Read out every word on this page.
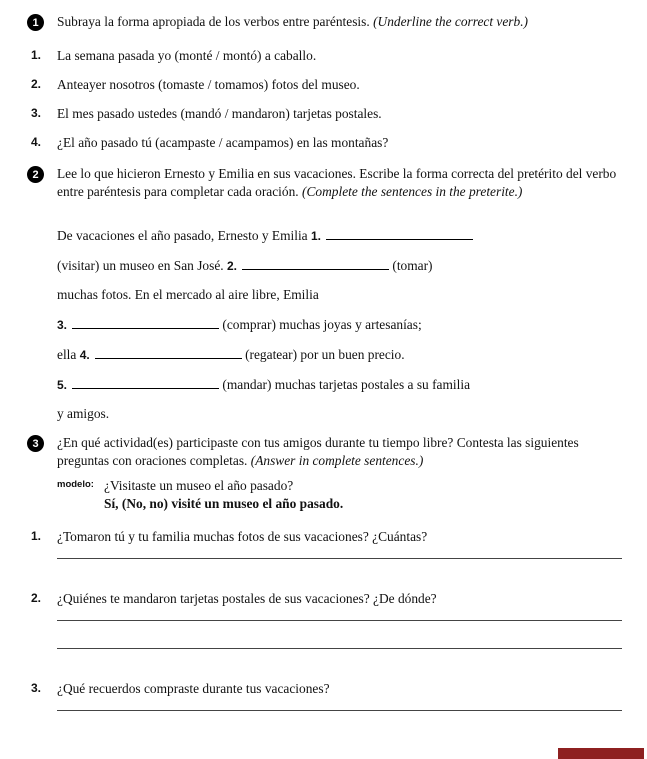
1	Subraya la forma apropiada de los verbos entre paréntesis. (Underline the correct verb.)

1. La semana pasada yo (monté / montó) a caballo.
2. Anteayer nosotros (tomaste / tomamos) fotos del museo.
3. El mes pasado ustedes (mandó / mandaron) tarjetas postales.
4. ¿El año pasado tú (acampaste / acampamos) en las montañas?
2	Lee lo que hicieron Ernesto y Emilia en sus vacaciones. Escribe la forma correcta del pretérito del verbo entre paréntesis para completar cada oración. (Complete the sentences in the preterite.)

De vacaciones el año pasado, Ernesto y Emilia 1.
(visitar) un museo en San José. 2.	(tomar)
muchas fotos. En el mercado al aire libre, Emilia
3.	(comprar) muchas joyas y artesanías;
ella 4.	(regatear) por un buen precio.
5.	(mandar) muchas tarjetas postales a su familia
y amigos.
3	¿En qué actividad(es) participaste con tus amigos durante tu tiempo libre? Contesta las siguientes preguntas con oraciones completas. (Answer in complete sentences.)

modelo: ¿Visitaste un museo el año pasado?
Sí, (No, no) visité un museo el año pasado.
1. ¿Tomaron tú y tu familia muchas fotos de sus vacaciones? ¿Cuántas?
2. ¿Quiénes te mandaron tarjetas postales de sus vacaciones? ¿De dónde?
3. ¿Qué recuerdos compraste durante tus vacaciones?
